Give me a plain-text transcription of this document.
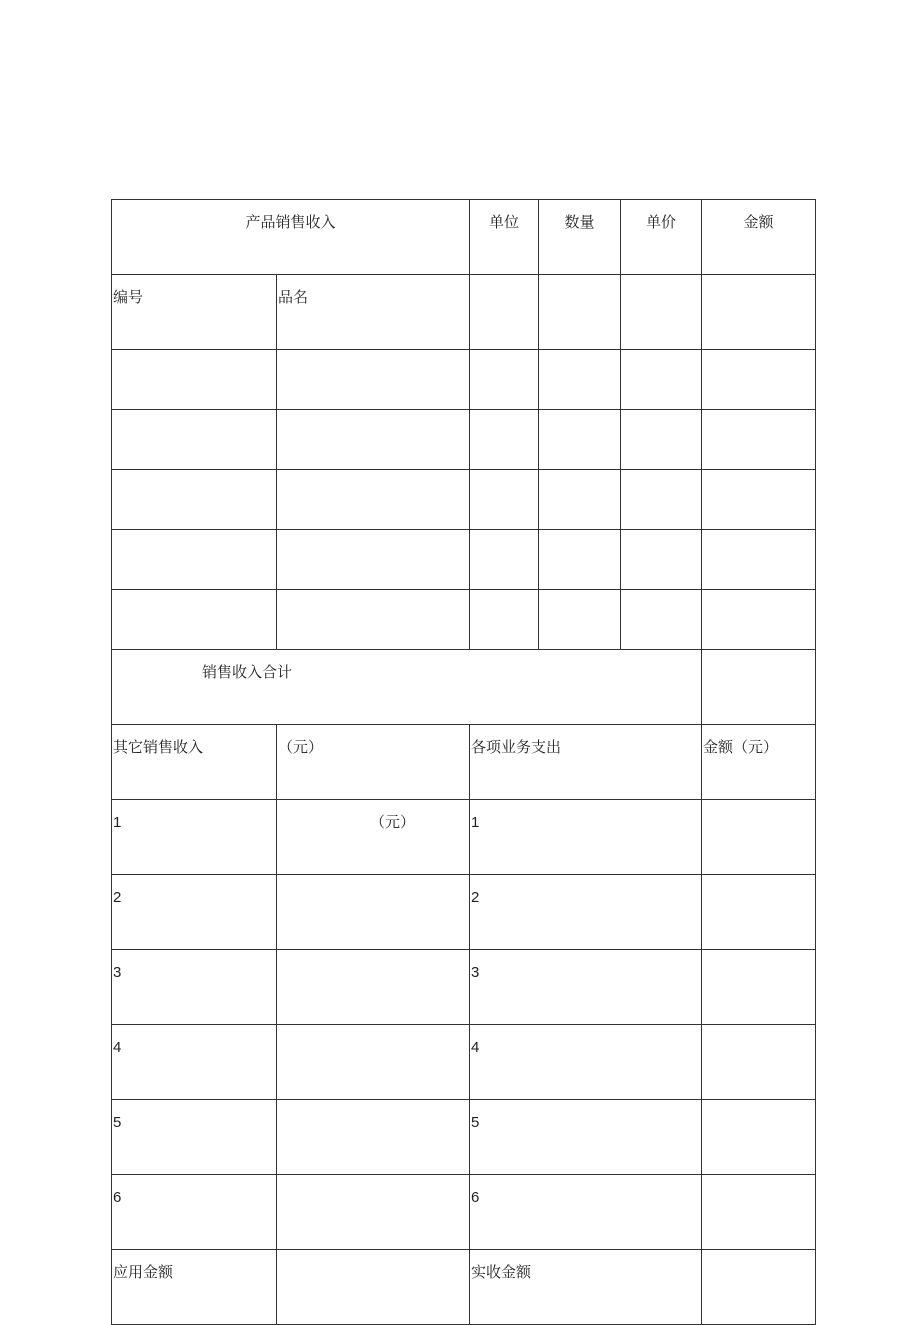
产品销售收入		单位	数量	单价	金额
编号	品名				

销售收入合计					
其它销售收入	（元）	各项业务支出			金额（元）
1	（元）	1			
2		2			
3		3			
4		4			
5		5			
6		6			
应用金额		实收金额			
